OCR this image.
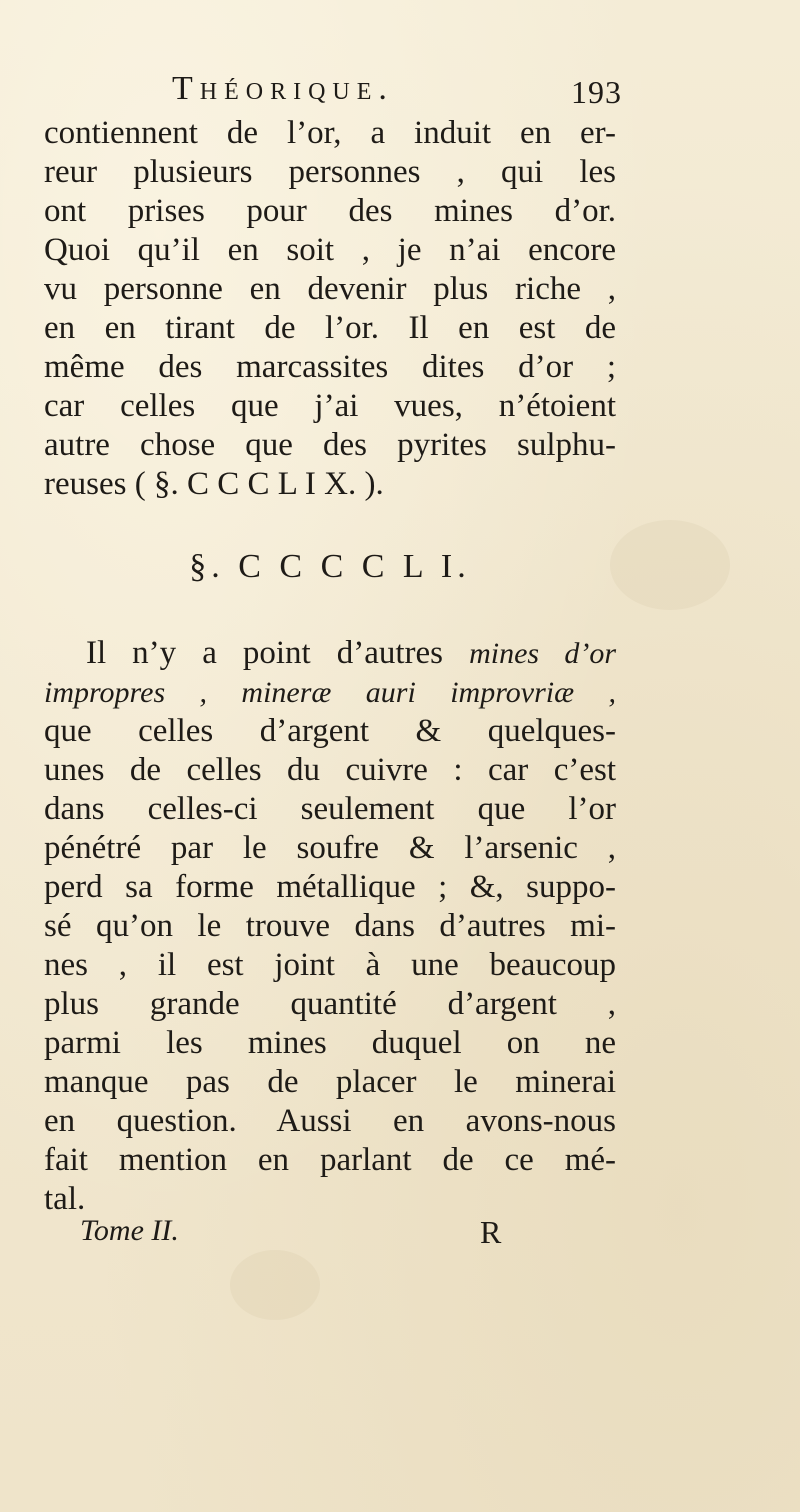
Théorique.	193
contiennent de l’or, a induit en er-
reur plusieurs personnes , qui les
ont prises pour des mines d’or.
Quoi qu’il en soit , je n’ai encore
vu personne en devenir plus riche ,
en en tirant de l’or. Il en est de
même des marcassites dites d’or ;
car celles que j’ai vues, n’étoient
autre chose que des pyrites sulphu-
reuses ( §. C C C L I X. ).
§. C C C C L I.
Il n’y a point d’autres mines d’or
impropres , mineræ auri improvriæ ,
que celles d’argent & quelques-
unes de celles du cuivre : car c’est
dans celles-ci seulement que l’or
pénétré par le soufre & l’arsenic ,
perd sa forme métallique ; &, suppo-
sé qu’on le trouve dans d’autres mi-
nes , il est joint à une beaucoup
plus grande quantité d’argent ,
parmi les mines duquel on ne
manque pas de placer le minerai
en question. Aussi en avons-nous
fait mention en parlant de ce mé-
tal.
Tome II.	R
